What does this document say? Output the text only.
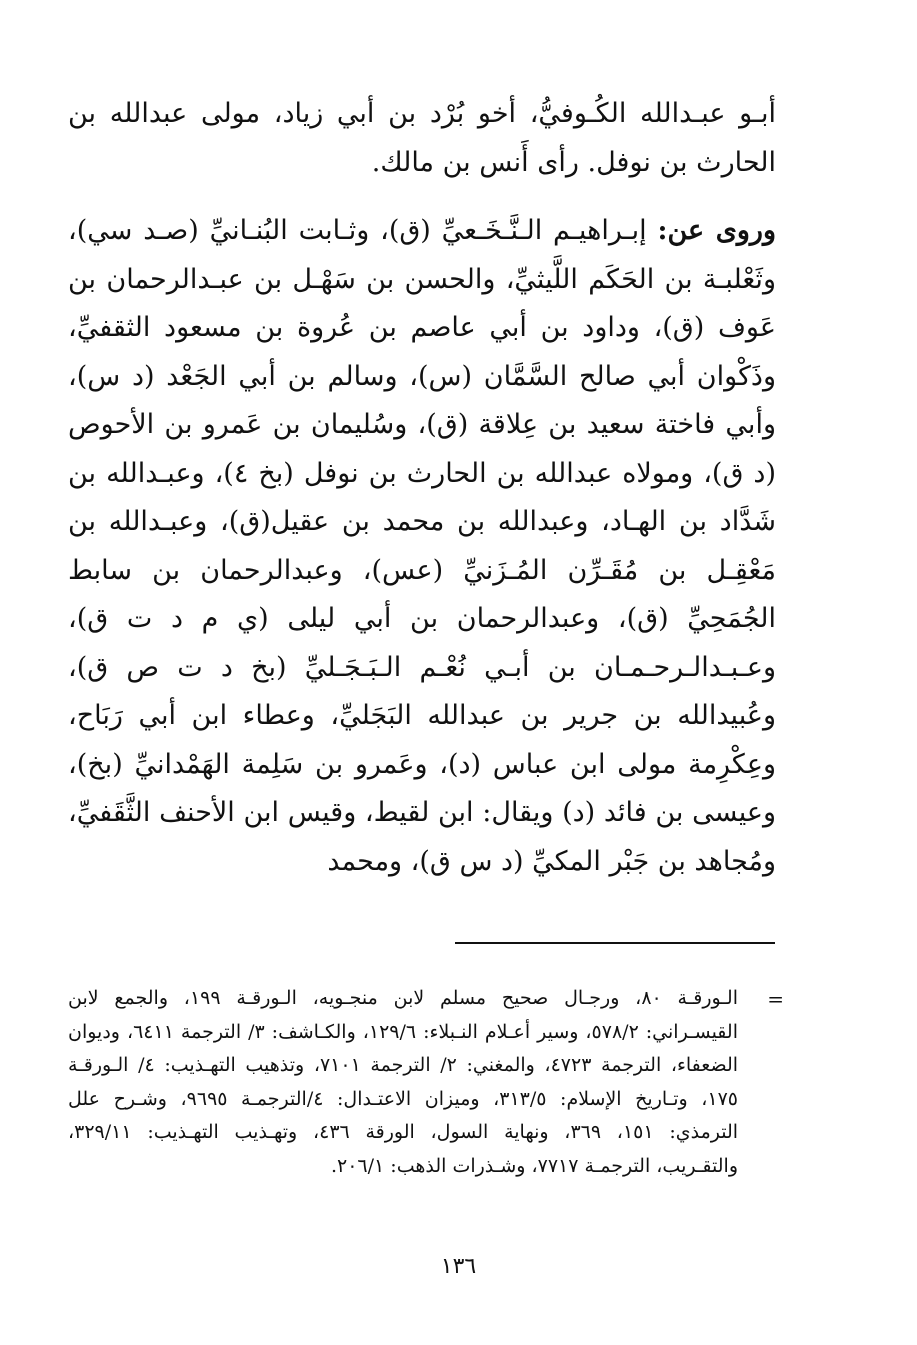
أبـو عبـدالله الكُـوفيُّ، أخو بُرْد بن أبي زياد، مولى عبدالله بن الحارث بن نوفل. رأى أَنس بن مالك.

وروى عن: إبـراهيـم الـنَّـخَـعيِّ (ق)، وثـابت البُنـانيِّ (صـد سي)، وثَعْلبـة بن الحَكَم اللَّيثيِّ، والحسن بن سَهْـل بن عبـدالرحمان بن عَوف (ق)، وداود بن أبي عاصم بن عُروة بن مسعود الثقفيِّ، وذَكْوان أبي صالح السَّمَّان (س)، وسالم بن أبي الجَعْد (د س)، وأبي فاختة سعيد بن عِلاقة (ق)، وسُليمان بن عَمرو بن الأحوص (د ق)، ومولاه عبدالله بن الحارث بن نوفل (بخ ٤)، وعبـدالله بن شَدَّاد بن الهـاد، وعبدالله بن محمد بن عقيل(ق)، وعبـدالله بن مَعْقِـل بن مُقَـرِّن المُـزَنيِّ (عس)، وعبدالرحمان بن سابط الجُمَحِيِّ (ق)، وعبدالرحمان بن أبي ليلى (ي م د ت ق)، وعـبـدالـرحـمـان بن أبـي نُعْـم الـبَـجَـليِّ (بخ د ت ص ق)، وعُبيدالله بن جرير بن عبدالله البَجَليِّ، وعطاء ابن أبي رَبَاح، وعِكْرِمة مولى ابن عباس (د)، وعَمرو بن سَلِمة الهَمْدانيِّ (بخ)، وعيسى بن فائد (د) ويقال: ابن لقيط، وقيس ابن الأحنف الثَّقَفيِّ، ومُجاهد بن جَبْر المكيِّ (د س ق)، ومحمد

=

الـورقـة ٨٠، ورجـال صحيح مسلم لابن منجـويه، الـورقـة ١٩٩، والجمع لابن القيسـراني: ٥٧٨/٢، وسير أعـلام النـبلاء: ١٢٩/٦، والكـاشف: ٣/ الترجمة ٦٤١١، وديوان الضعفاء، الترجمة ٤٧٢٣، والمغني: ٢/ الترجمة ٧١٠١، وتذهيب التهـذيب: ٤/ الـورقـة ١٧٥، وتـاريخ الإسلام: ٣١٣/٥، وميزان الاعتـدال: ٤/الترجمـة ٩٦٩٥، وشـرح علل الترمذي: ١٥١، ٣٦٩، ونهاية السول، الورقة ٤٣٦، وتهـذيب التهـذيب: ٣٢٩/١١، والتقـريب، الترجمـة ٧٧١٧، وشـذرات الذهب: ٢٠٦/١.

١٣٦
